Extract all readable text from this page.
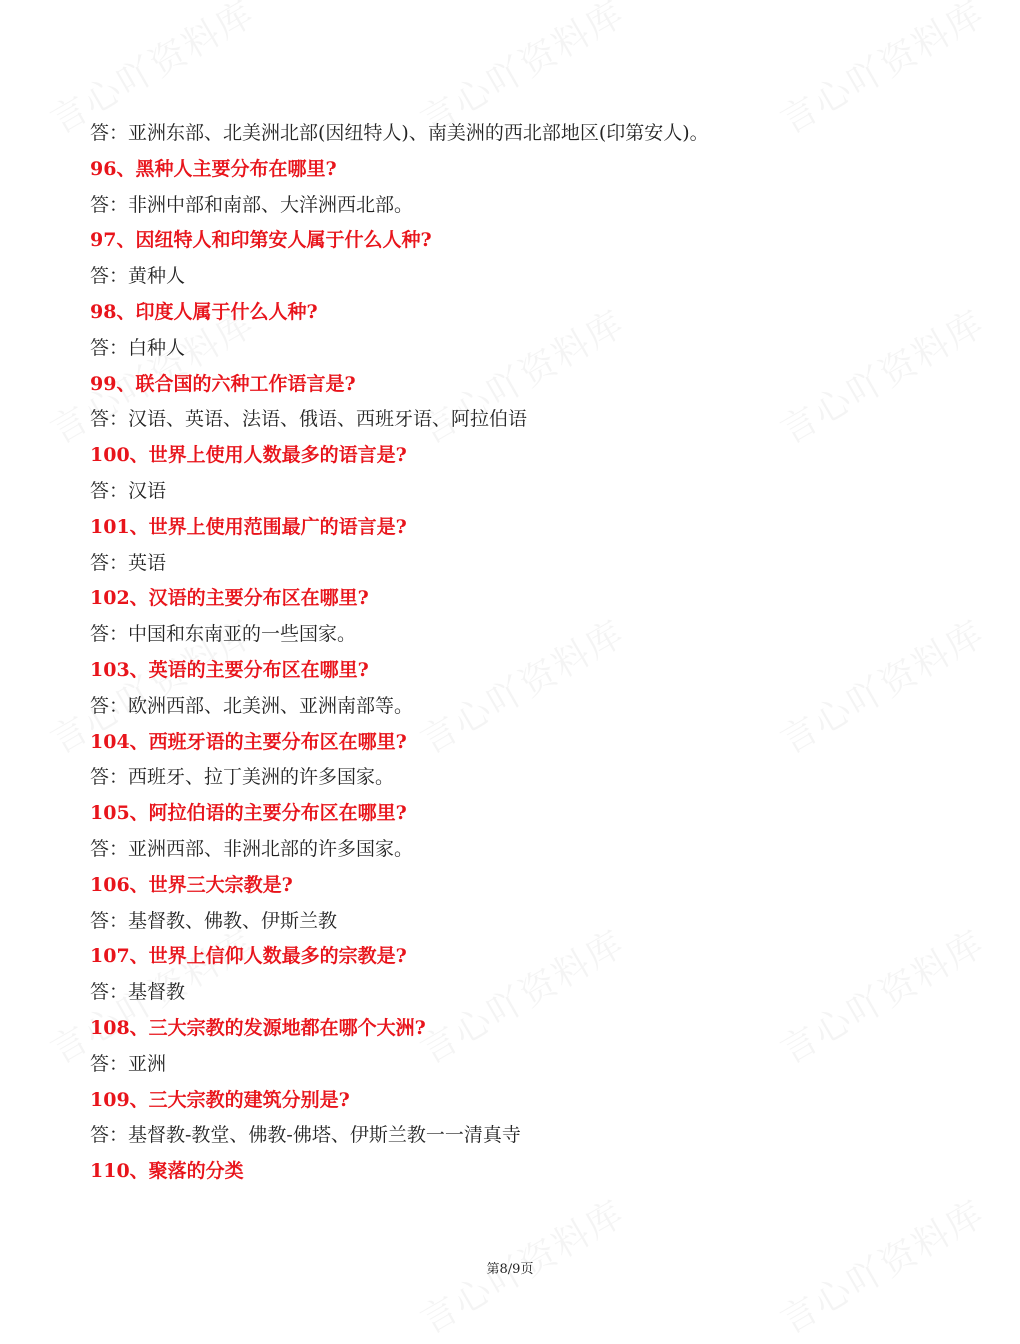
答：亚洲东部、北美洲北部(因纽特人)、南美洲的西北部地区(印第安人)。
96、黑种人主要分布在哪里?
答：非洲中部和南部、大洋洲西北部。
97、因纽特人和印第安人属于什么人种?
答：黄种人
98、印度人属于什么人种?
答：白种人
99、联合国的六种工作语言是?
答：汉语、英语、法语、俄语、西班牙语、阿拉伯语
100、世界上使用人数最多的语言是?
答：汉语
101、世界上使用范围最广的语言是?
答：英语
102、汉语的主要分布区在哪里?
答：中国和东南亚的一些国家。
103、英语的主要分布区在哪里?
答：欧洲西部、北美洲、亚洲南部等。
104、西班牙语的主要分布区在哪里?
答：西班牙、拉丁美洲的许多国家。
105、阿拉伯语的主要分布区在哪里?
答：亚洲西部、非洲北部的许多国家。
106、世界三大宗教是?
答：基督教、佛教、伊斯兰教
107、世界上信仰人数最多的宗教是?
答：基督教
108、三大宗教的发源地都在哪个大洲?
答：亚洲
109、三大宗教的建筑分别是?
答：基督教-教堂、佛教-佛塔、伊斯兰教一一清真寺
110、聚落的分类
第8/9页
